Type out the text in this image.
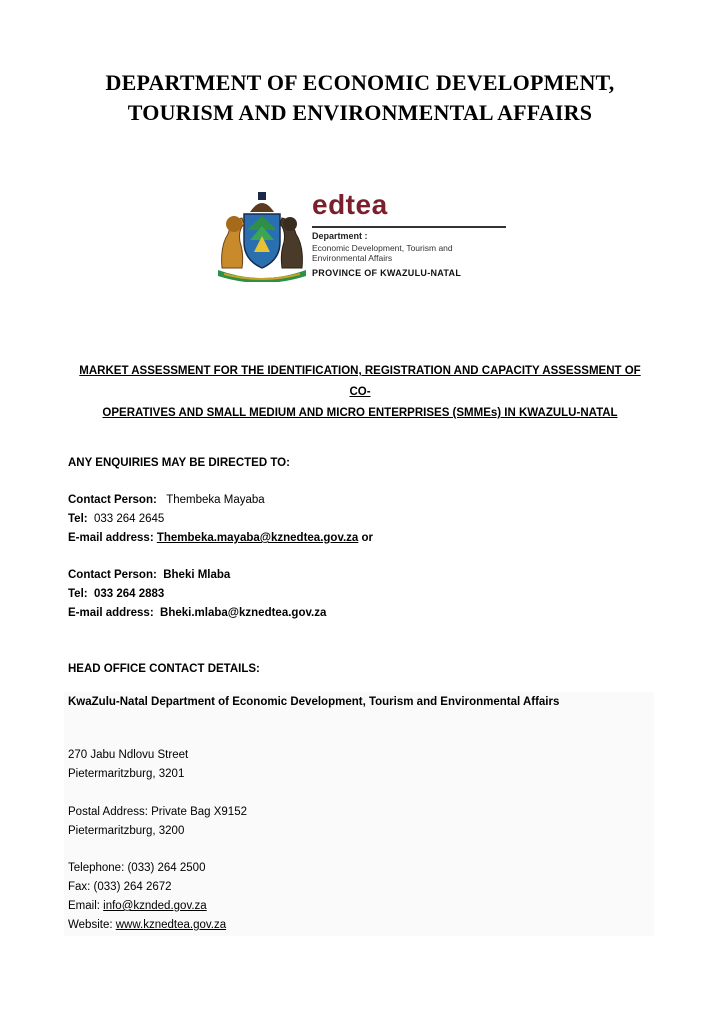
DEPARTMENT OF ECONOMIC DEVELOPMENT,
TOURISM AND ENVIRONMENTAL AFFAIRS
edtea
Department :
Economic Development, Tourism and
Environmental Affairs
PROVINCE OF KWAZULU-NATAL
MARKET ASSESSMENT FOR THE IDENTIFICATION, REGISTRATION AND CAPACITY ASSESSMENT OF CO-
OPERATIVES AND SMALL MEDIUM AND MICRO ENTERPRISES (SMMEs) IN KWAZULU-NATAL
ANY ENQUIRIES MAY BE DIRECTED TO:
Contact Person: Thembeka Mayaba
Tel: 033 264 2645
E-mail address: Thembeka.mayaba@kznedtea.gov.za or
Contact Person: Bheki Mlaba
Tel: 033 264 2883
E-mail address: Bheki.mlaba@kznedtea.gov.za
HEAD OFFICE CONTACT DETAILS:
KwaZulu-Natal Department of Economic Development, Tourism and Environmental Affairs
270 Jabu Ndlovu Street
Pietermaritzburg, 3201
Postal Address: Private Bag X9152
Pietermaritzburg, 3200
Telephone: (033) 264 2500
Fax: (033) 264 2672
Email: info@kznded.gov.za
Website: www.kznedtea.gov.za
